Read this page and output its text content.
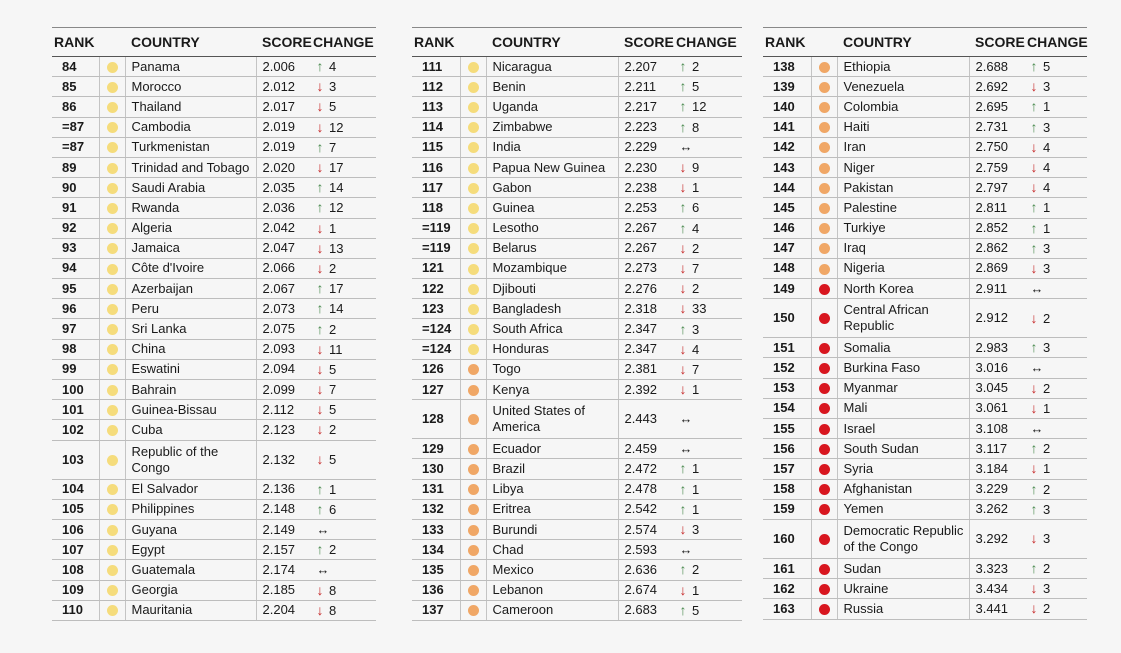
RANK		COUNTRY	SCORE	CHANGE
84		Panama	2.006	↑ 4
85		Morocco	2.012	↓ 3
86		Thailand	2.017	↓ 5
=87		Cambodia	2.019	↓ 12
=87		Turkmenistan	2.019	↑ 7
89		Trinidad and Tobago	2.020	↓ 17
90		Saudi Arabia	2.035	↑ 14
91		Rwanda	2.036	↑ 12
92		Algeria	2.042	↓ 1
93		Jamaica	2.047	↓ 13
94		Côte d'Ivoire	2.066	↓ 2
95		Azerbaijan	2.067	↑ 17
96		Peru	2.073	↑ 14
97		Sri Lanka	2.075	↑ 2
98		China	2.093	↓ 11
99		Eswatini	2.094	↓ 5
100		Bahrain	2.099	↓ 7
101		Guinea-Bissau	2.112	↓ 5
102		Cuba	2.123	↓ 2
103		Republic of the Congo	2.132	↓ 5
104		El Salvador	2.136	↑ 1
105		Philippines	2.148	↑ 6
106		Guyana	2.149	↔
107		Egypt	2.157	↑ 2
108		Guatemala	2.174	↔
109		Georgia	2.185	↓ 8
110		Mauritania	2.204	↓ 8
RANK		COUNTRY	SCORE	CHANGE
111		Nicaragua	2.207	↑ 2
112		Benin	2.211	↑ 5
113		Uganda	2.217	↑ 12
114		Zimbabwe	2.223	↑ 8
115		India	2.229	↔
116		Papua New Guinea	2.230	↓ 9
117		Gabon	2.238	↓ 1
118		Guinea	2.253	↑ 6
=119		Lesotho	2.267	↑ 4
=119		Belarus	2.267	↓ 2
121		Mozambique	2.273	↓ 7
122		Djibouti	2.276	↓ 2
123		Bangladesh	2.318	↓ 33
=124		South Africa	2.347	↑ 3
=124		Honduras	2.347	↓ 4
126		Togo	2.381	↓ 7
127		Kenya	2.392	↓ 1
128		United States of America	2.443	↔
129		Ecuador	2.459	↔
130		Brazil	2.472	↑ 1
131		Libya	2.478	↑ 1
132		Eritrea	2.542	↑ 1
133		Burundi	2.574	↓ 3
134		Chad	2.593	↔
135		Mexico	2.636	↑ 2
136		Lebanon	2.674	↓ 1
137		Cameroon	2.683	↑ 5
RANK		COUNTRY	SCORE	CHANGE
138		Ethiopia	2.688	↑ 5
139		Venezuela	2.692	↓ 3
140		Colombia	2.695	↑ 1
141		Haiti	2.731	↑ 3
142		Iran	2.750	↓ 4
143		Niger	2.759	↓ 4
144		Pakistan	2.797	↓ 4
145		Palestine	2.811	↑ 1
146		Turkiye	2.852	↑ 1
147		Iraq	2.862	↑ 3
148		Nigeria	2.869	↓ 3
149		North Korea	2.911	↔
150		Central African Republic	2.912	↓ 2
151		Somalia	2.983	↑ 3
152		Burkina Faso	3.016	↔
153		Myanmar	3.045	↓ 2
154		Mali	3.061	↓ 1
155		Israel	3.108	↔
156		South Sudan	3.117	↑ 2
157		Syria	3.184	↓ 1
158		Afghanistan	3.229	↑ 2
159		Yemen	3.262	↑ 3
160		Democratic Republic of the Congo	3.292	↓ 3
161		Sudan	3.323	↑ 2
162		Ukraine	3.434	↓ 3
163		Russia	3.441	↓ 2
